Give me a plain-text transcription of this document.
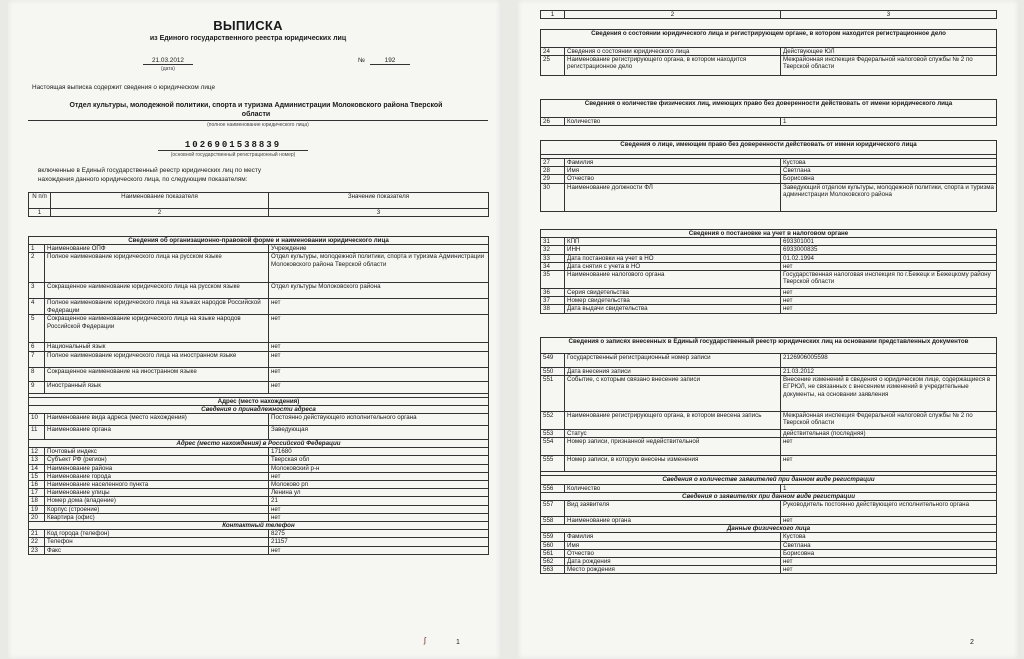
ВЫПИСКА
из Единого государственного реестра юридических лиц
21.03.2012
(дата)
№	192
Настоящая выписка содержит сведения о юридическом лице
Отдел культуры, молодежной политики, спорта и туризма Администрации Молоковского района Тверской
области
(полное наименование юридического лица)
1026901538839
(основной государственный регистрационный номер)
включенные в Единый государственный реестр юридических лиц по месту
нахождения данного юридического лица, по следующим показателям:
N п/п	Наименование показателя	Значение показателя
1	2	3
Сведения об организационно-правовой форме и наименовании юридического лица		
1	Наименование ОПФ	Учреждение
2	Полное наименование юридического лица на русском языке	Отдел культуры, молодежной политики, спорта и туризма Администрации Молоковского района Тверской области
3	Сокращенное наименование юридического лица на русском языке	Отдел культуры Молоковского района
4	Полное наименование юридического лица на языках народов Российской Федерации	нет
5	Сокращенное наименование юридического лица на языке народов Российской Федерации	нет
6	Национальный язык	нет
7	Полное наименование юридического лица на иностранном языке	нет
8	Сокращенное наименование на иностранном языке	нет
9	Иностранный язык	нет

Адрес (место нахождения)		
Сведения о принадлежности адреса		
10	Наименование вида адреса (место нахождения)	Постоянно действующего исполнительного органа
11	Наименование органа	Заведующая
Адрес (место нахождения) в Российской Федерации		
12	Почтовый индекс	171680
13	Субъект РФ (регион)	Тверская обл
14	Наименование района	Молоковский р-н
15	Наименование города	нет
16	Наименование населенного пункта	Молоково рп
17	Наименование улицы	Ленина ул
18	Номер дома (владение)	21
19	Корпус (строение)	нет
20	Квартира (офис)	нет
Контактный телефон		
21	Код города (телефон)	8275
22	Телефон	21157
23	Факс	нет
ʃ	1
1	2	3
Сведения о состоянии юридического лица и регистрирующем органе, в котором находится регистрационное дело		
24	Сведения о состоянии юридического лица	Действующее ЮЛ
25	Наименование регистрирующего органа, в котором находится регистрационное дело	Межрайонная инспекция Федеральной налоговой службы № 2 по Тверской области
Сведения о количестве физических лиц, имеющих право без доверенности действовать от имени юридического лица
26	Количество	1
Сведения о лице, имеющем право без доверенности действовать от имени юридического лица		

27	Фамилия	Кустова
28	Имя	Светлана
29	Отчество	Борисовна
30	Наименование должности ФЛ	Заведующий отделом культуры, молодежной политики, спорта и туризма администрации Молоковского района
Сведения о постановке на учет в налоговом органе		
31	КПП	693301001
32	ИНН	6933000835
33	Дата постановки на учет в НО	01.02.1994
34	Дата снятия с учета в НО	нет
35	Наименование налогового органа	Государственная налоговая инспекция по г.Бежецк и Бежецкому району Тверской области
36	Серия свидетельства	нет
37	Номер свидетельства	нет
38	Дата выдачи свидетельства	нет
Сведения о записях внесенных в Единый государственный реестр юридических лиц на основании представленных документов		
549	Государственный регистрационный номер записи	2126906005598
550	Дата внесения записи	21.03.2012
551	Событие, с которым связано внесение записи	Внесение изменений в сведения о юридическом лице, содержащиеся в ЕГРЮЛ, не связанных с внесением изменений в учредительные документы, на основании заявления
552	Наименование регистрирующего органа, в котором внесена запись	Межрайонная инспекция Федеральной налоговой службы № 2 по Тверской области
553	Статус	действительная (последняя)
554	Номер записи, признанной недействительной	нет
555	Номер записи, в которую внесены изменения	нет

Сведения о количестве заявителей при данном виде регистрации		
556	Количество	1
Сведения о заявителях при данном виде регистрации		
557	Вид заявителя	Руководитель постоянно действующего исполнительного органа
558	Наименование органа	нет
Данные физического лица		
559	Фамилия	Кустова
560	Имя	Светлана
561	Отчество	Борисовна
562	Дата рождения	нет
563	Место рождения	нет
2
